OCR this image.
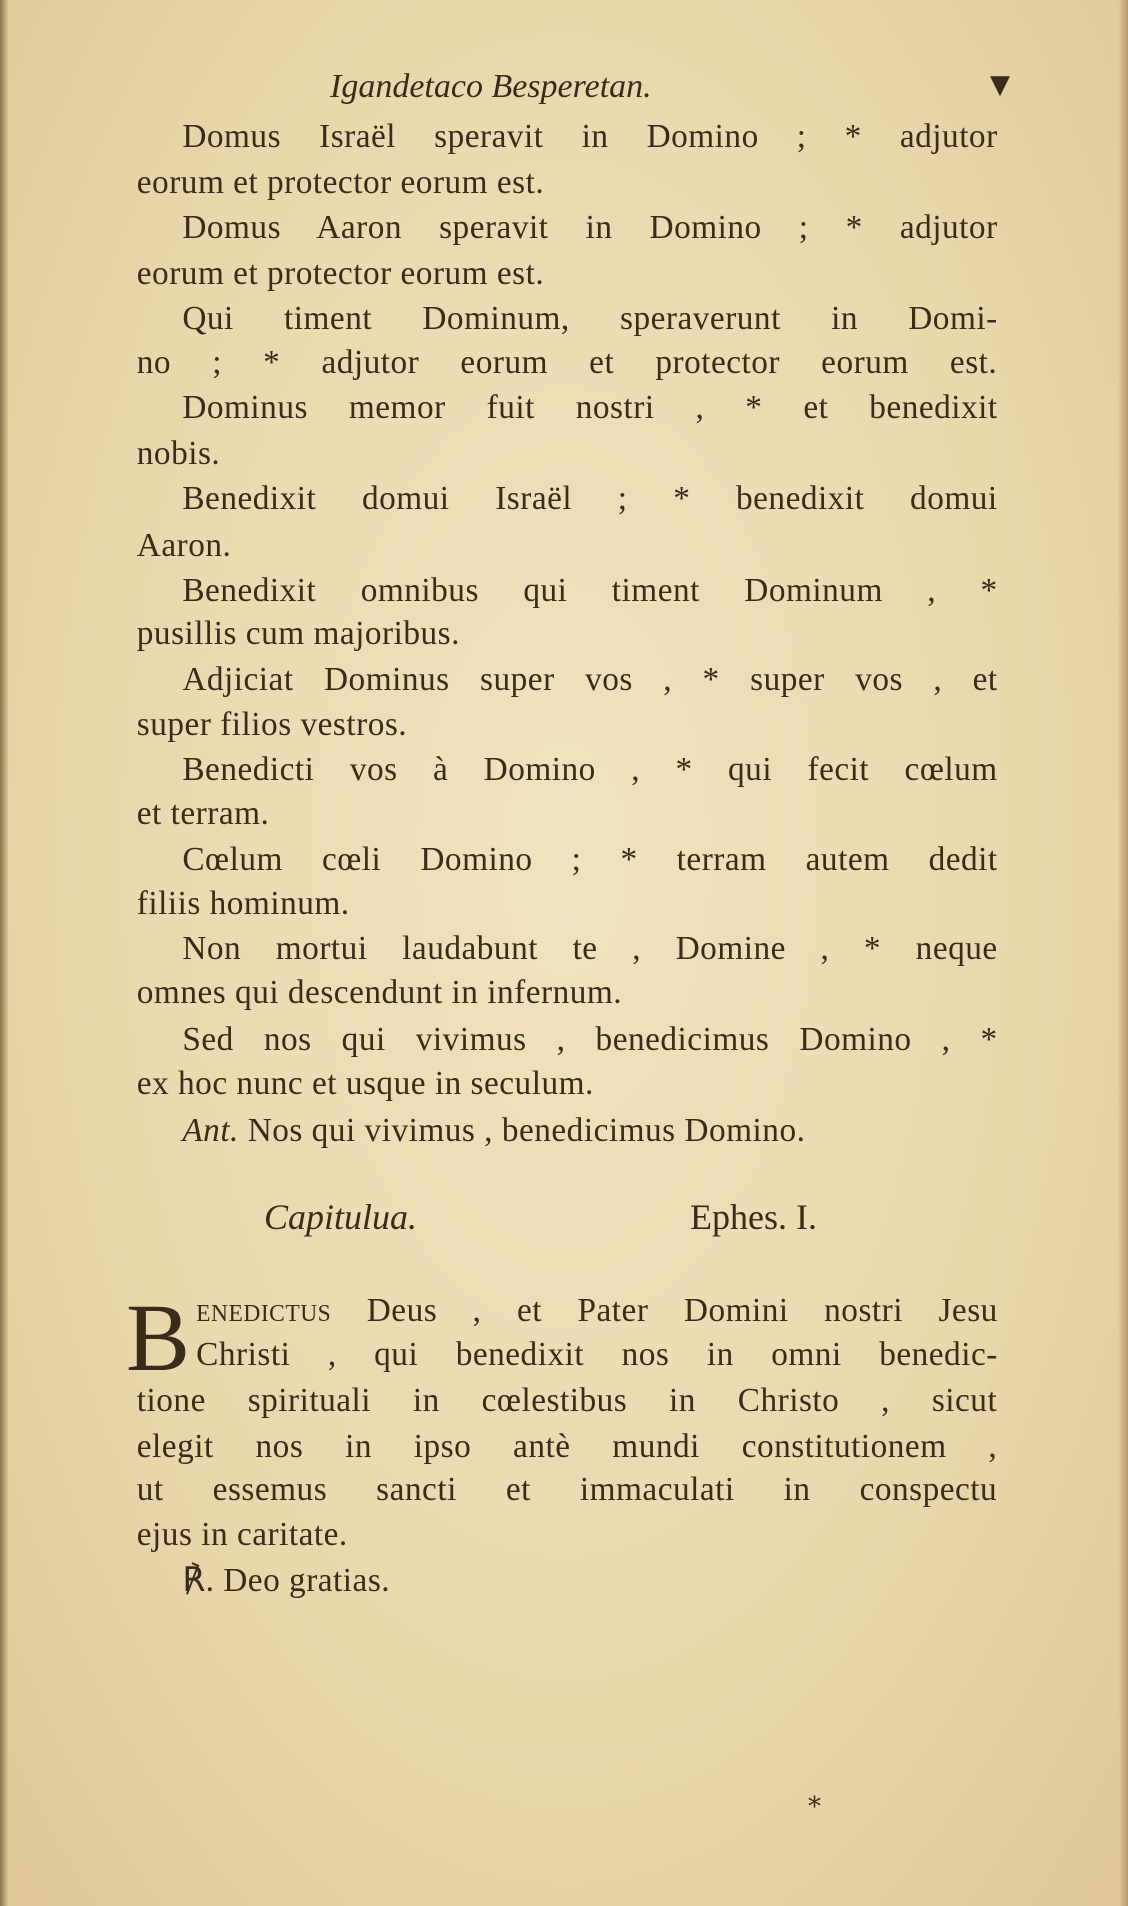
Igandetaco Besperetan.	▼
Domus Israël speravit in Domino ; * adjutor
eorum et protector eorum est.
Domus Aaron speravit in Domino ; * adjutor
eorum et protector eorum est.
Qui timent Dominum, speraverunt in Domi-
no ; * adjutor eorum et protector eorum est.
Dominus memor fuit nostri , * et benedixit
nobis.
Benedixit domui Israël ; * benedixit domui
Aaron.
Benedixit omnibus qui timent Dominum , *
pusillis cum majoribus.
Adjiciat Dominus super vos , * super vos , et
super filios vestros.
Benedicti vos à Domino , * qui fecit cœlum
et terram.
Cœlum cœli Domino ; * terram autem dedit
filiis hominum.
Non mortui laudabunt te , Domine , * neque
omnes qui descendunt in infernum.
Sed nos qui vivimus , benedicimus Domino , *
ex hoc nunc et usque in seculum.
Ant. Nos qui vivimus , benedicimus Domino.
Capitulua.	Ephes. I.
B enedictus Deus , et Pater Domini nostri Jesu
Christi , qui benedixit nos in omni benedic-
tione spirituali in cœlestibus in Christo , sicut
elegit nos in ipso antè mundi constitutionem ,
ut essemus sancti et immaculati in conspectu
ejus in caritate.
℟. Deo gratias.
*
